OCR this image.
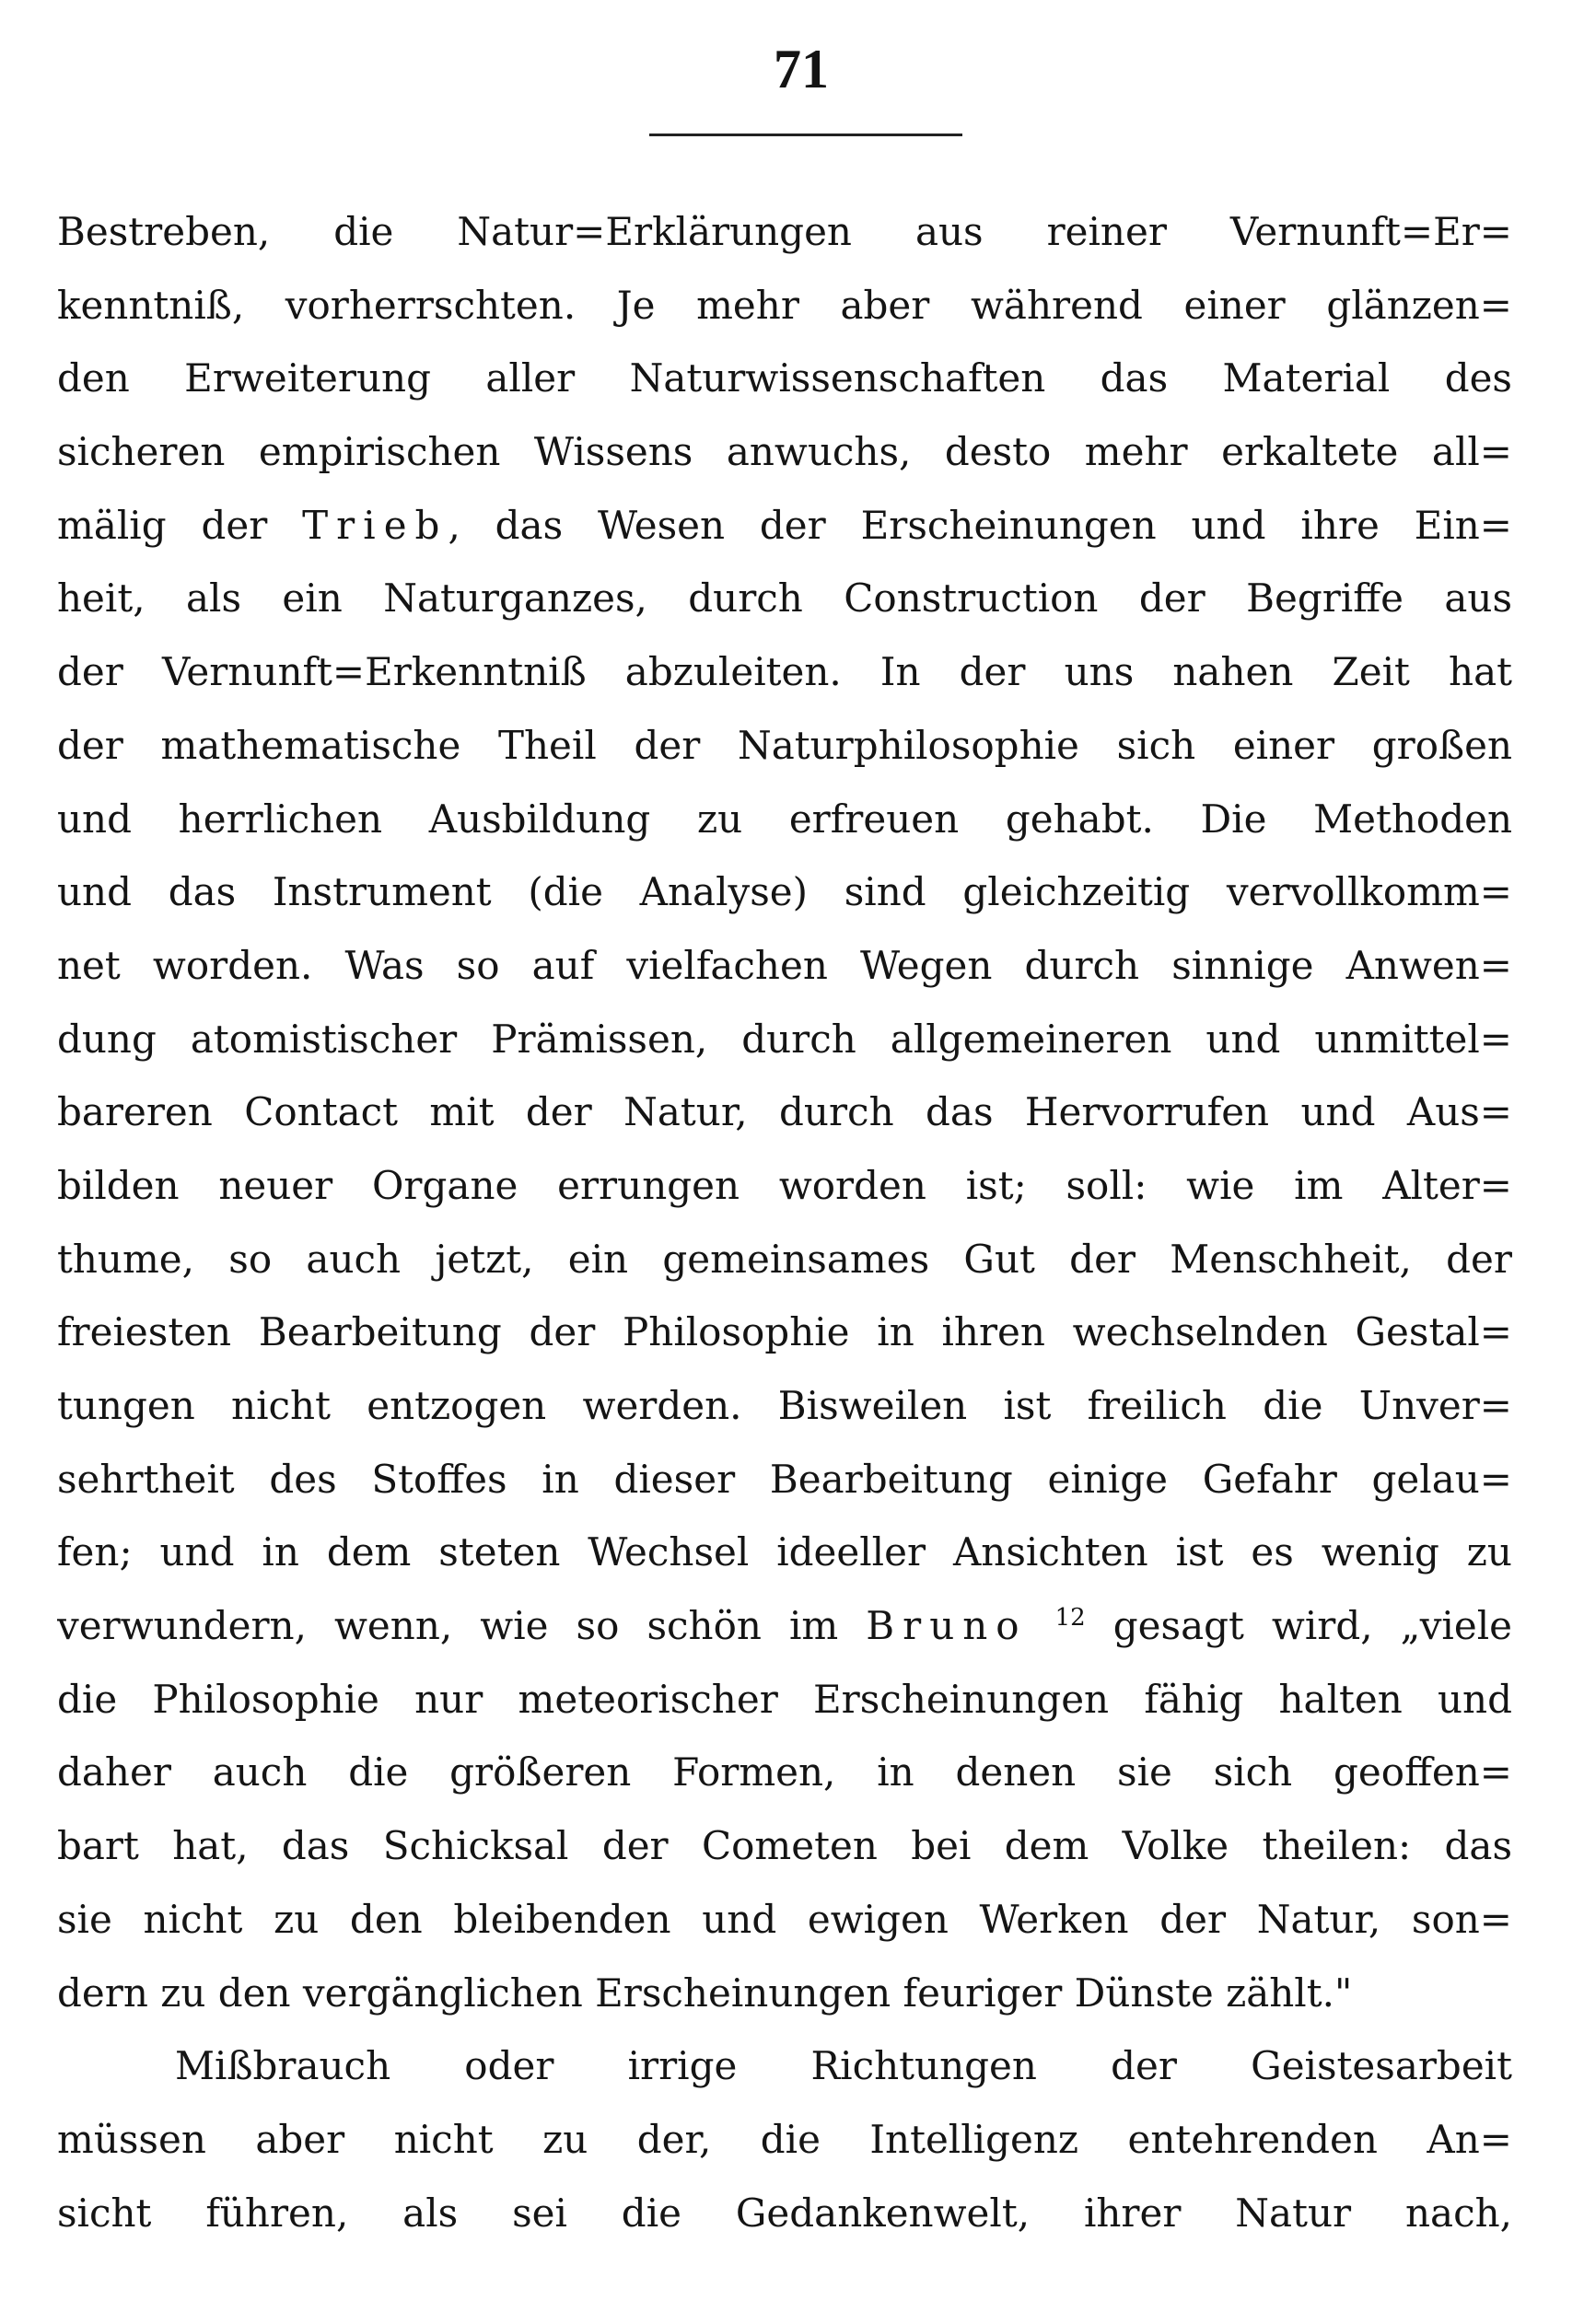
71
Bestreben, die Natur=Erklärungen aus reiner Vernunft=Er=
kenntniß, vorherrschten. Je mehr aber während einer glänzen=
den Erweiterung aller Naturwissenschaften das Material des
sicheren empirischen Wissens anwuchs, desto mehr erkaltete all=
mälig der Trieb, das Wesen der Erscheinungen und ihre Ein=
heit, als ein Naturganzes, durch Construction der Begriffe aus
der Vernunft=Erkenntniß abzuleiten. In der uns nahen Zeit hat
der mathematische Theil der Naturphilosophie sich einer großen
und herrlichen Ausbildung zu erfreuen gehabt. Die Methoden
und das Instrument (die Analyse) sind gleichzeitig vervollkomm=
net worden. Was so auf vielfachen Wegen durch sinnige Anwen=
dung atomistischer Prämissen, durch allgemeineren und unmittel=
bareren Contact mit der Natur, durch das Hervorrufen und Aus=
bilden neuer Organe errungen worden ist; soll: wie im Alter=
thume, so auch jetzt, ein gemeinsames Gut der Menschheit, der
freiesten Bearbeitung der Philosophie in ihren wechselnden Gestal=
tungen nicht entzogen werden. Bisweilen ist freilich die Unver=
sehrtheit des Stoffes in dieser Bearbeitung einige Gefahr gelau=
fen; und in dem steten Wechsel ideeller Ansichten ist es wenig zu
verwundern, wenn, wie so schön im Bruno $^{12}$ gesagt wird, „viele
die Philosophie nur meteorischer Erscheinungen fähig halten und
daher auch die größeren Formen, in denen sie sich geoffen=
bart hat, das Schicksal der Cometen bei dem Volke theilen: das
sie nicht zu den bleibenden und ewigen Werken der Natur, son=
dern zu den vergänglichen Erscheinungen feuriger Dünste zählt."
Mißbrauch oder irrige Richtungen der Geistesarbeit
müssen aber nicht zu der, die Intelligenz entehrenden An=
sicht führen, als sei die Gedankenwelt, ihrer Natur nach,
